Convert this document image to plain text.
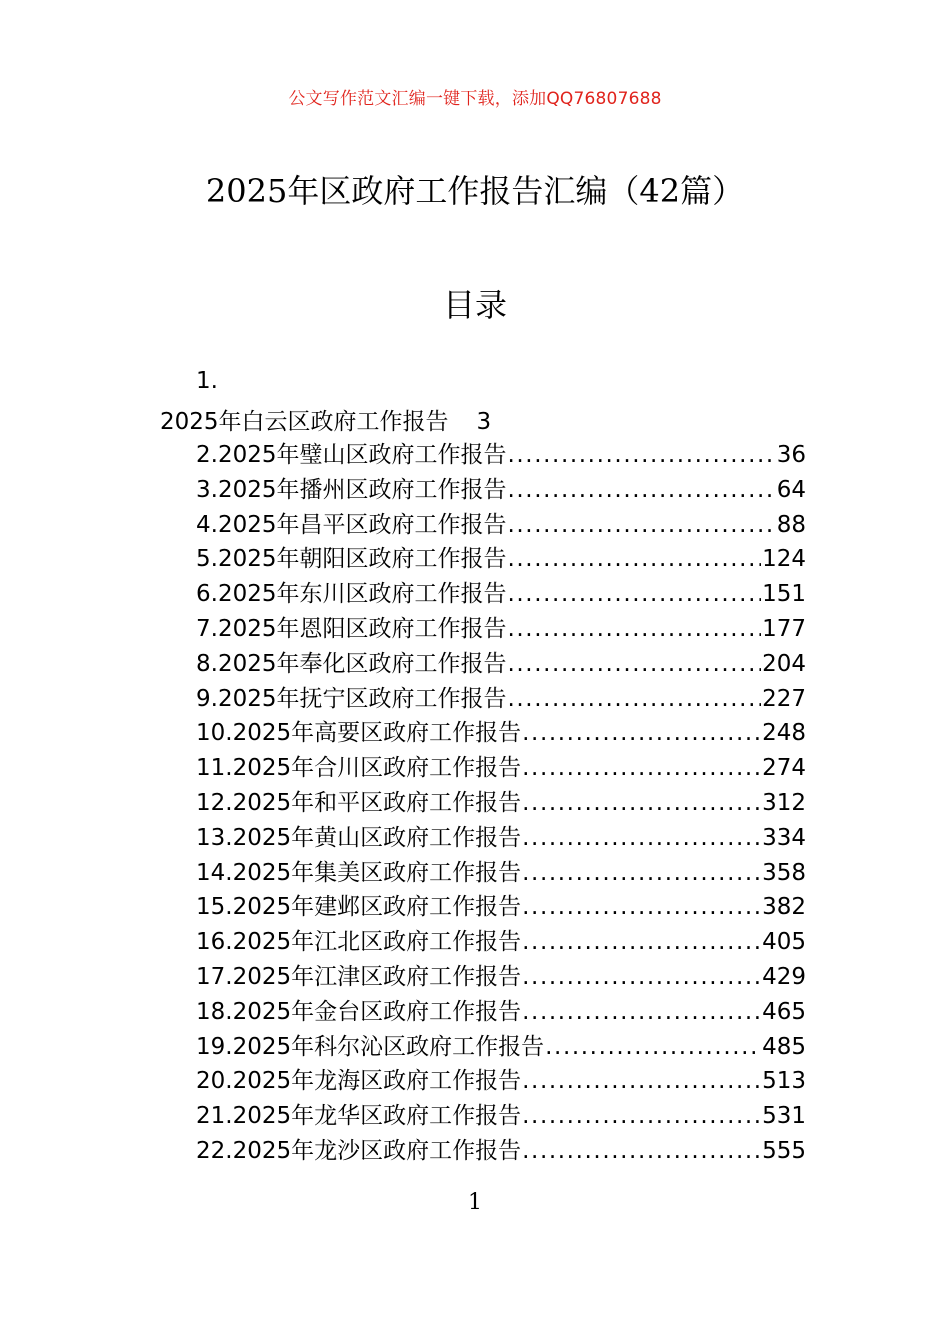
公文写作范文汇编一键下载，添加QQ76807688
2025年区政府工作报告汇编（42篇）
目录
1.
2025年白云区政府工作报告 3
2.2025年璧山区政府工作报告 .....	36
3.2025年播州区政府工作报告 .....	64
4.2025年昌平区政府工作报告 .....	88
5.2025年朝阳区政府工作报告 .....	124
6.2025年东川区政府工作报告 .....	151
7.2025年恩阳区政府工作报告 .....	177
8.2025年奉化区政府工作报告 .....	204
9.2025年抚宁区政府工作报告 .....	227
10.2025年高要区政府工作报告 .....	248
11.2025年合川区政府工作报告 .....	274
12.2025年和平区政府工作报告 .....	312
13.2025年黄山区政府工作报告 .....	334
14.2025年集美区政府工作报告 .....	358
15.2025年建邺区政府工作报告 .....	382
16.2025年江北区政府工作报告 .....	405
17.2025年江津区政府工作报告 .....	429
18.2025年金台区政府工作报告 .....	465
19.2025年科尔沁区政府工作报告 .....	485
20.2025年龙海区政府工作报告 .....	513
21.2025年龙华区政府工作报告 .....	531
22.2025年龙沙区政府工作报告 .....	555
1
